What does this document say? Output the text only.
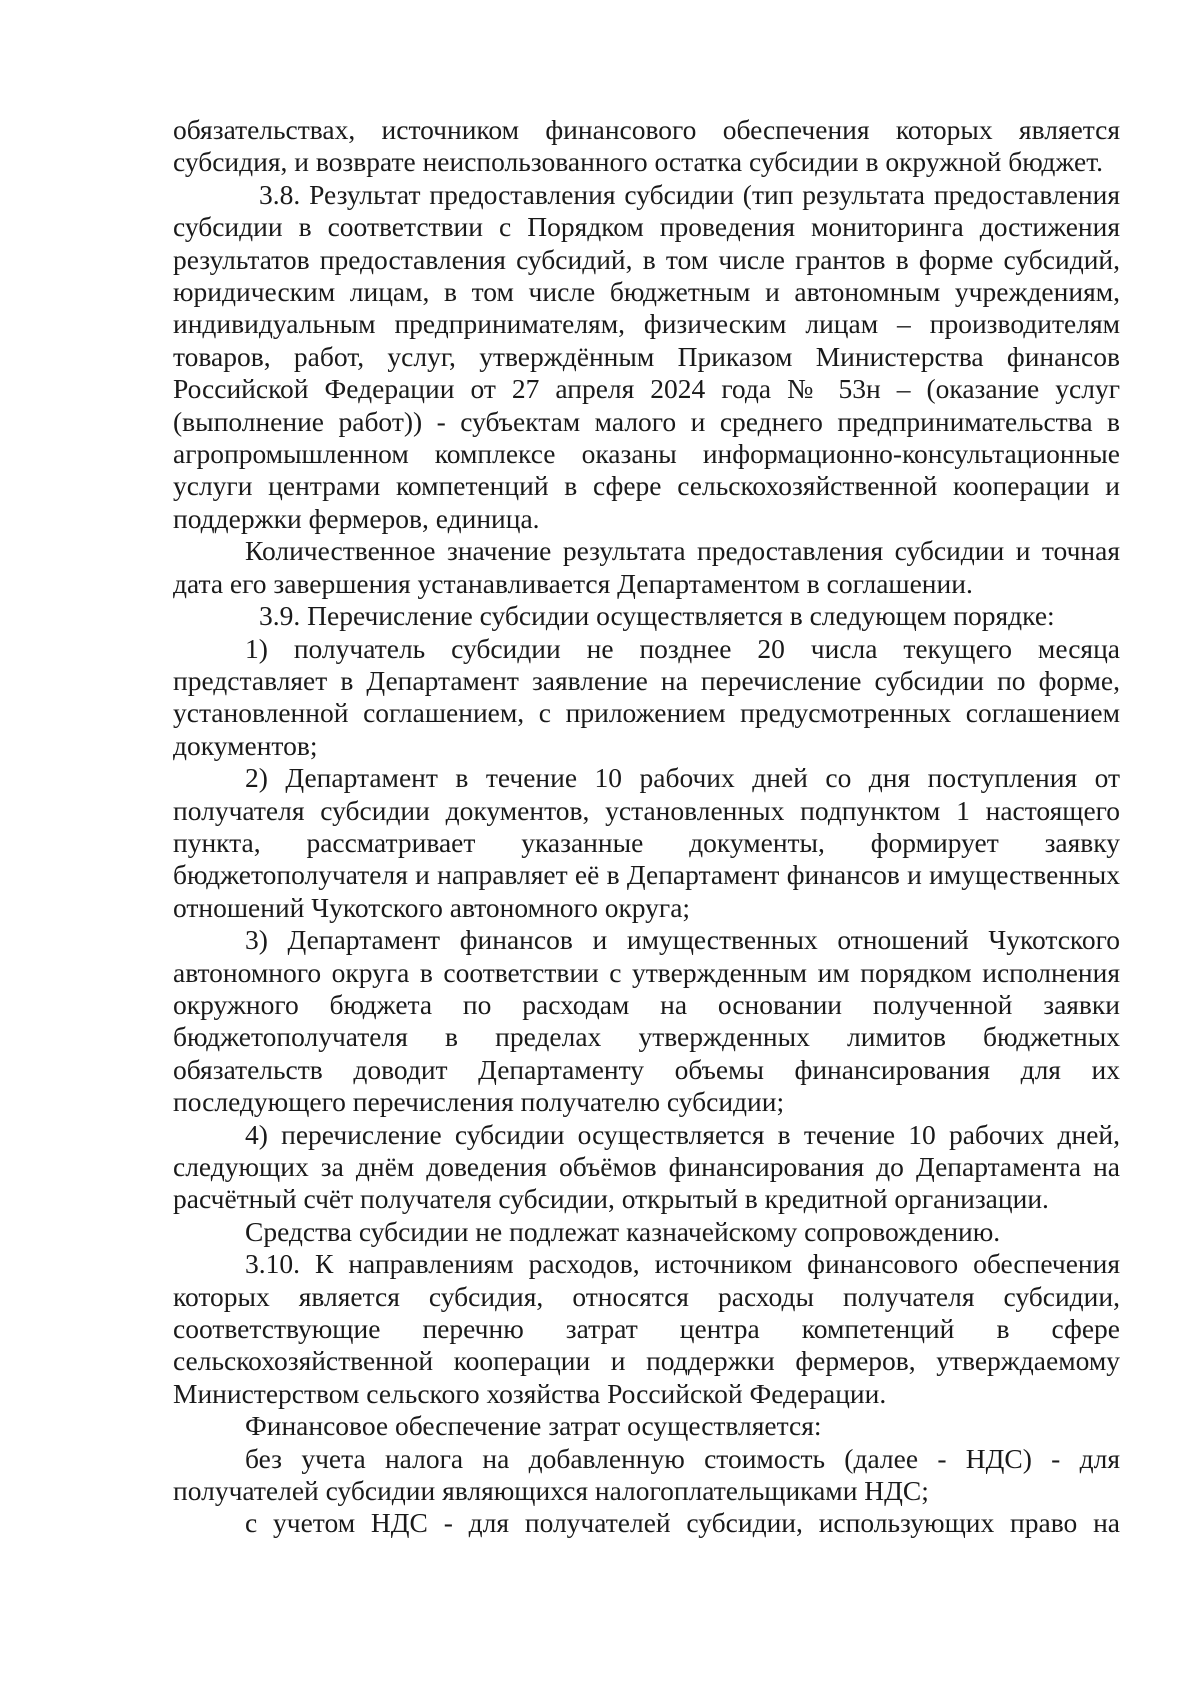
обязательствах, источником финансового обеспечения которых является субсидия, и возврате неиспользованного остатка субсидии в окружной бюджет.

3.8. Результат предоставления субсидии (тип результата предоставления субсидии в соответствии с Порядком проведения мониторинга достижения результатов предоставления субсидий, в том числе грантов в форме субсидий, юридическим лицам, в том числе бюджетным и автономным учреждениям, индивидуальным предпринимателям, физическим лицам – производителям товаров, работ, услуг, утверждённым Приказом Министерства финансов Российской Федерации от 27 апреля 2024 года № 53н – (оказание услуг (выполнение работ)) - субъектам малого и среднего предпринимательства в агропромышленном комплексе оказаны информационно-консультационные услуги центрами компетенций в сфере сельскохозяйственной кооперации и поддержки фермеров, единица.

Количественное значение результата предоставления субсидии и точная дата его завершения устанавливается Департаментом в соглашении.

3.9. Перечисление субсидии осуществляется в следующем порядке:

1) получатель субсидии не позднее 20 числа текущего месяца представляет в Департамент заявление на перечисление субсидии по форме, установленной соглашением, с приложением предусмотренных соглашением документов;

2) Департамент в течение 10 рабочих дней со дня поступления от получателя субсидии документов, установленных подпунктом 1 настоящего пункта, рассматривает указанные документы, формирует заявку бюджетополучателя и направляет её в Департамент финансов и имущественных отношений Чукотского автономного округа;

3) Департамент финансов и имущественных отношений Чукотского автономного округа в соответствии с утвержденным им порядком исполнения окружного бюджета по расходам на основании полученной заявки бюджетополучателя в пределах утвержденных лимитов бюджетных обязательств доводит Департаменту объемы финансирования для их последующего перечисления получателю субсидии;

4) перечисление субсидии осуществляется в течение 10 рабочих дней, следующих за днём доведения объёмов финансирования до Департамента на расчётный счёт получателя субсидии, открытый в кредитной организации.

Средства субсидии не подлежат казначейскому сопровождению.

3.10. К направлениям расходов, источником финансового обеспечения которых является субсидия, относятся расходы получателя субсидии, соответствующие перечню затрат центра компетенций в сфере сельскохозяйственной кооперации и поддержки фермеров, утверждаемому Министерством сельского хозяйства Российской Федерации.

Финансовое обеспечение затрат осуществляется:

без учета налога на добавленную стоимость (далее - НДС) - для получателей субсидии являющихся налогоплательщиками НДС;

с учетом НДС - для получателей субсидии, использующих право на
